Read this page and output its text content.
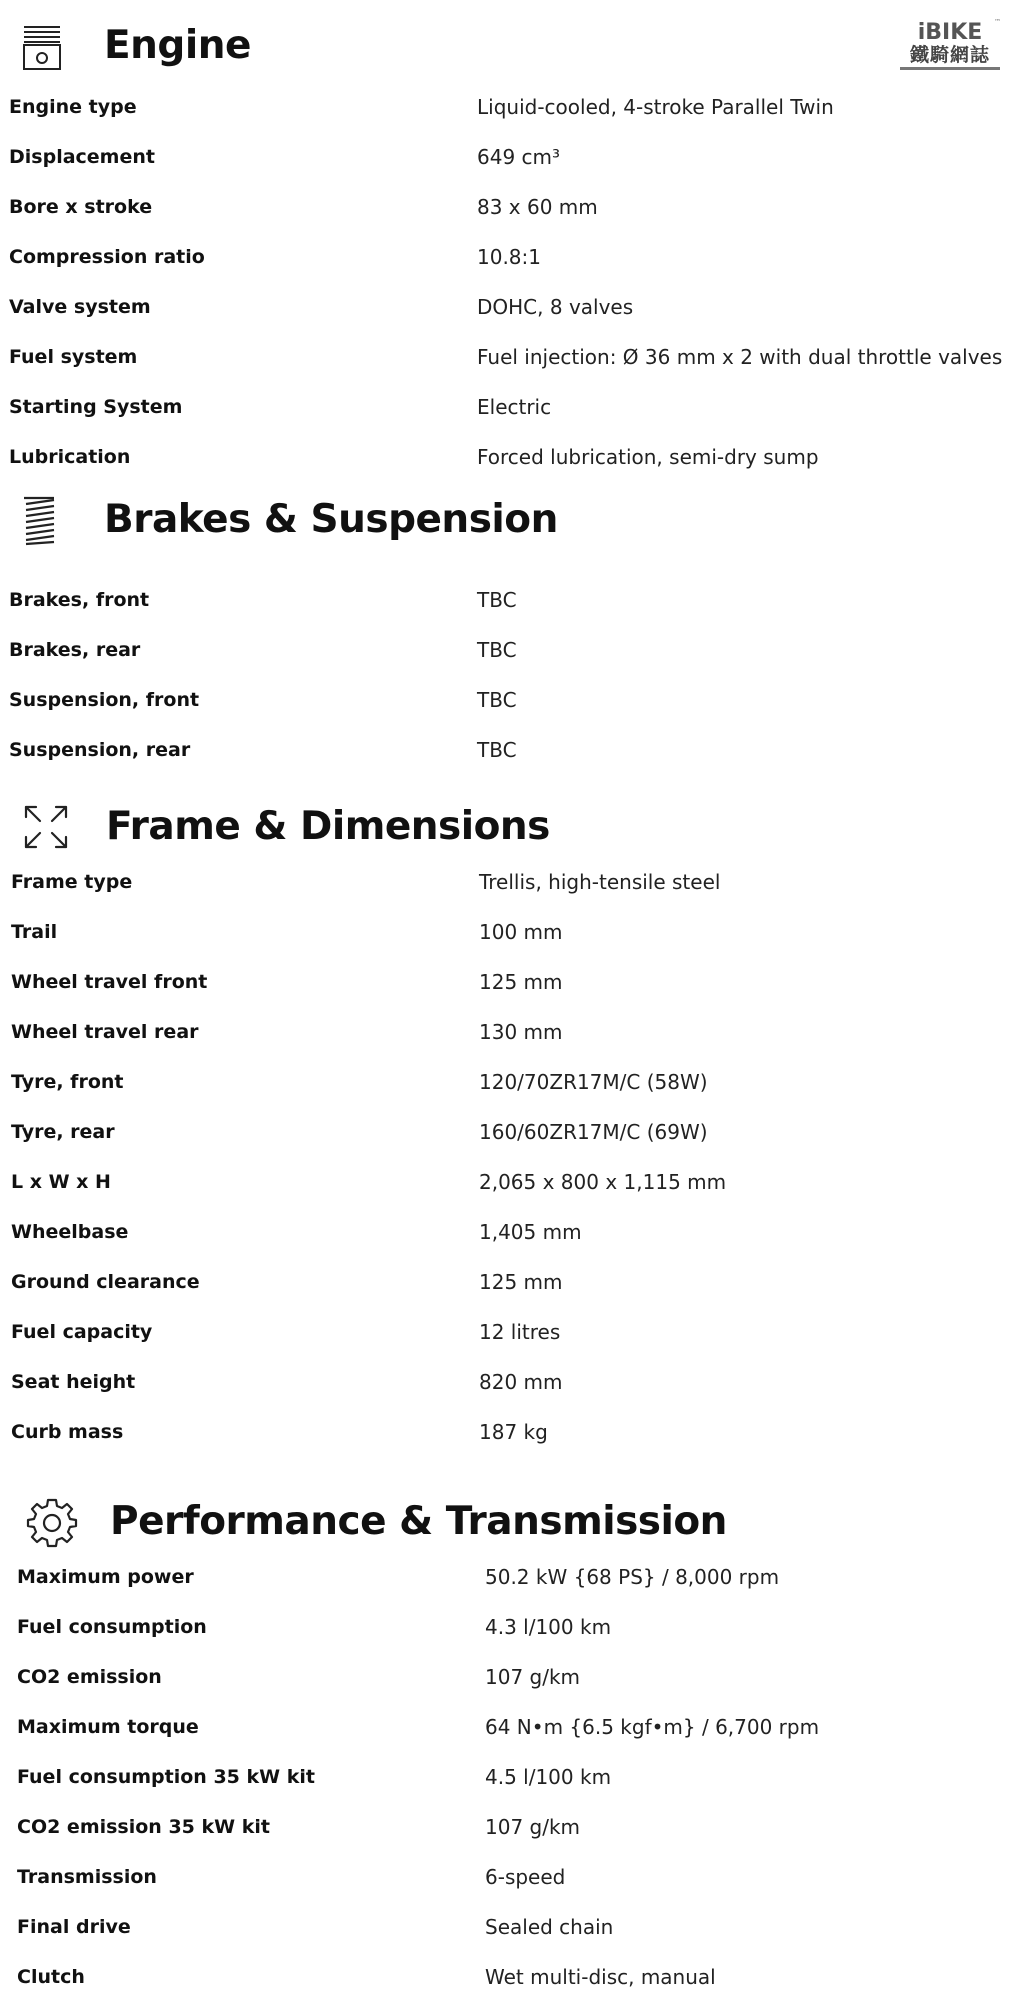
iBIKE
鐵騎網誌
™
Engine
Engine type	Liquid-cooled, 4-stroke Parallel Twin
Displacement	649 cm³
Bore x stroke	83 x 60 mm
Compression ratio	10.8:1
Valve system	DOHC, 8 valves
Fuel system	Fuel injection: Ø 36 mm x 2 with dual throttle valves
Starting System	Electric
Lubrication	Forced lubrication, semi-dry sump
Brakes & Suspension
Brakes, front	TBC
Brakes, rear	TBC
Suspension, front	TBC
Suspension, rear	TBC
Frame & Dimensions
Frame type	Trellis, high-tensile steel
Trail	100 mm
Wheel travel front	125 mm
Wheel travel rear	130 mm
Tyre, front	120/70ZR17M/C (58W)
Tyre, rear	160/60ZR17M/C (69W)
L x W x H	2,065 x 800 x 1,115 mm
Wheelbase	1,405 mm
Ground clearance	125 mm
Fuel capacity	12 litres
Seat height	820 mm
Curb mass	187 kg
Performance & Transmission
Maximum power	50.2 kW {68 PS} / 8,000 rpm
Fuel consumption	4.3 l/100 km
CO2 emission	107 g/km
Maximum torque	64 N•m {6.5 kgf•m} / 6,700 rpm
Fuel consumption 35 kW kit	4.5 l/100 km
CO2 emission 35 kW kit	107 g/km
Transmission	6-speed
Final drive	Sealed chain
Clutch	Wet multi-disc, manual
